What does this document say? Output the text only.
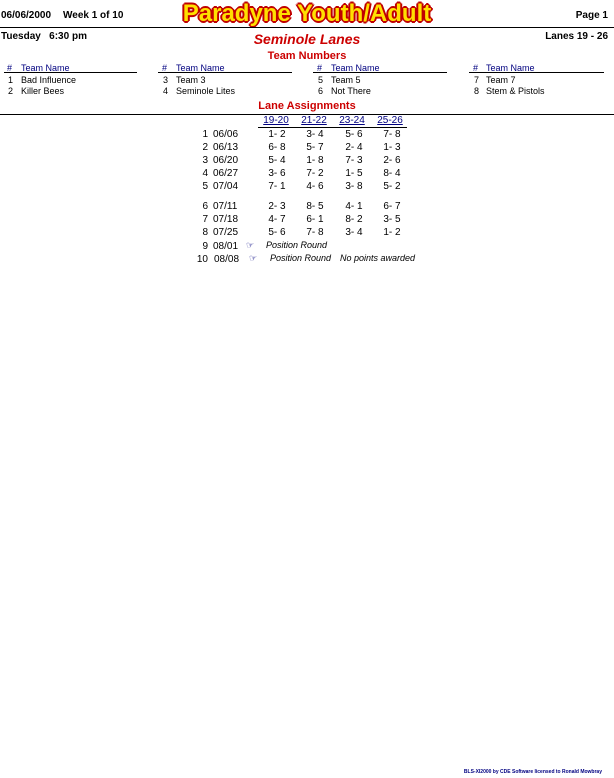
06/06/2000 Week 1 of 10	Paradyne Youth/Adult	Page 1
Tuesday   6:30 pm	Seminole Lanes	Lanes 19 - 26
Team Numbers
# Team Name
1 Bad Influence
2 Killer Bees
# Team Name
3 Team 3
4 Seminole Lites
# Team Name
5 Team 5
6 Not There
# Team Name
7 Team 7
8 Stem & Pistols
Lane Assignments
19-20	21-22	23-24	25-26
1 06/06	1- 2	3- 4	5- 6	7- 8
2 06/13	6- 8	5- 7	2- 4	1- 3
3 06/20	5- 4	1- 8	7- 3	2- 6
4 06/27	3- 6	7- 2	1- 5	8- 4
5 07/04	7- 1	4- 6	3- 8	5- 2
6 07/11	2- 3	8- 5	4- 1	6- 7
7 07/18	4- 7	6- 1	8- 2	3- 5
8 07/25	5- 6	7- 8	3- 4	1- 2
9 08/01 ☞ Position Round
10 08/08 ☞ Position Round No points awarded
BLS-XI2000 by CDE Software licensed to Ronald Mowbray
